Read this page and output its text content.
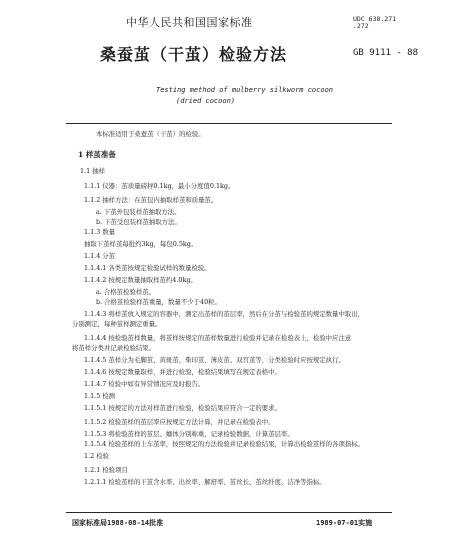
中华人民共和国国家标准	UDC 638.271
.272
桑蚕茧（干茧）检验方法	GB 9111 - 88
Testing method of mulberry silkworm cocoon
(dried cocoon)
本标准适用于桑蚕茧（干茧）的检验。
1 样茧准备
1.1 抽样
1.1.1 仪器：茧质量磅秤0.1kg，最小分度值0.1kg。
1.1.2 抽样方法：在茧包内抽取样茧和质量茧。
a. 下茧外包装样茧抽取方法。
b. 下茧受包装样茧抽取方法。
1.1.3 数量
抽取下茧样茧每批约3kg，每包0.5kg。
1.1.4 分茧
1.1.4.1 各类茧按规定检验试样的数量检验。
1.1.4.2 按规定数量抽取样茧约4.0kg。
a. 合格茧检验样茧。
b. 合格茧检验样茧重量，数量不少于40粒。
1.1.4.3 将样茧放入规定的容器中，测定出茧样的茧层率，然后在分茧与检验茧的规定数量中取出，
分别测定，每种茧样测定重量。
1.1.4.4 按检验茧样数量，将茧样按规定的茧样数量进行检验并记录在检验表上，检验中应注意
将茧样分类并记录检验结果。
1.1.4.5 茧样分为毛脚茧、黄斑茧、柴印茧、薄皮茧、双宫茧等，分类检验时应按规定执行。
1.1.4.6 按规定数量取样，并进行检验，检验结果填写在规定表格中。
1.1.4.7 检验中如有异常情况应及时报告。
1.1.5 检测
1.1.5.1 按规定的方法对样茧进行检验，检验结果应符合一定的要求。
1.1.5.2 检验茧样的茧层率应按规定方法计算，并记录在检验表中。
1.1.5.3 将检验茧样的茧层、蛹体分别称重，记录检验数据，计算茧层率。
1.1.5.4 检验茧样的上车茧率，按照规定的方法检验并记录检验结果，计算出检验茧样的各项指标。
1.2 检验
1.2.1 检验项目
1.2.1.1 检验茧样的干茧含水率、出丝率、解舒率、茧丝长、茧丝纤度、洁净等指标。
国家标准局1988-08-14批准	1989-07-01实施
